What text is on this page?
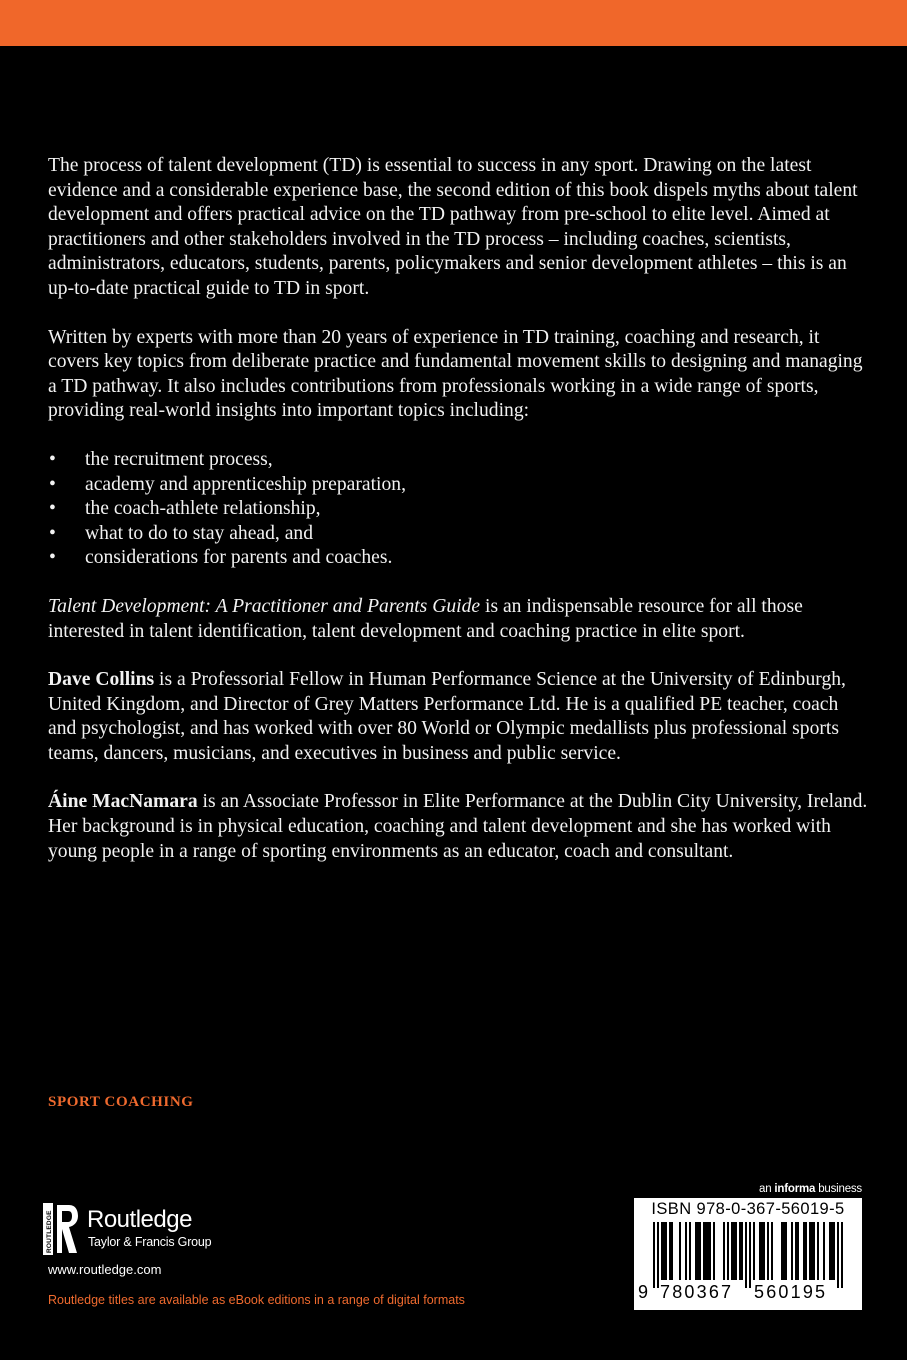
The process of talent development (TD) is essential to success in any sport. Drawing on the latest evidence and a considerable experience base, the second edition of this book dispels myths about talent development and offers practical advice on the TD pathway from pre-school to elite level. Aimed at practitioners and other stakeholders involved in the TD process – including coaches, scientists, administrators, educators, students, parents, policymakers and senior development athletes – this is an up-to-date practical guide to TD in sport.

Written by experts with more than 20 years of experience in TD training, coaching and research, it covers key topics from deliberate practice and fundamental movement skills to designing and managing a TD pathway. It also includes contributions from professionals working in a wide range of sports, providing real-world insights into important topics including:

• the recruitment process,
• academy and apprenticeship preparation,
• the coach-athlete relationship,
• what to do to stay ahead, and
• considerations for parents and coaches.

Talent Development: A Practitioner and Parents Guide is an indispensable resource for all those interested in talent identification, talent development and coaching practice in elite sport.

Dave Collins is a Professorial Fellow in Human Performance Science at the University of Edinburgh, United Kingdom, and Director of Grey Matters Performance Ltd. He is a qualified PE teacher, coach and psychologist, and has worked with over 80 World or Olympic medallists plus professional sports teams, dancers, musicians, and executives in business and public service.

Áine MacNamara is an Associate Professor in Elite Performance at the Dublin City University, Ireland. Her background is in physical education, coaching and talent development and she has worked with young people in a range of sporting environments as an educator, coach and consultant.

SPORT COACHING
ROUTLEDGE Routledge
Taylor & Francis Group
www.routledge.com
Routledge titles are available as eBook editions in a range of digital formats
an informa business
ISBN 978-0-367-56019-5
9 780367 560195
